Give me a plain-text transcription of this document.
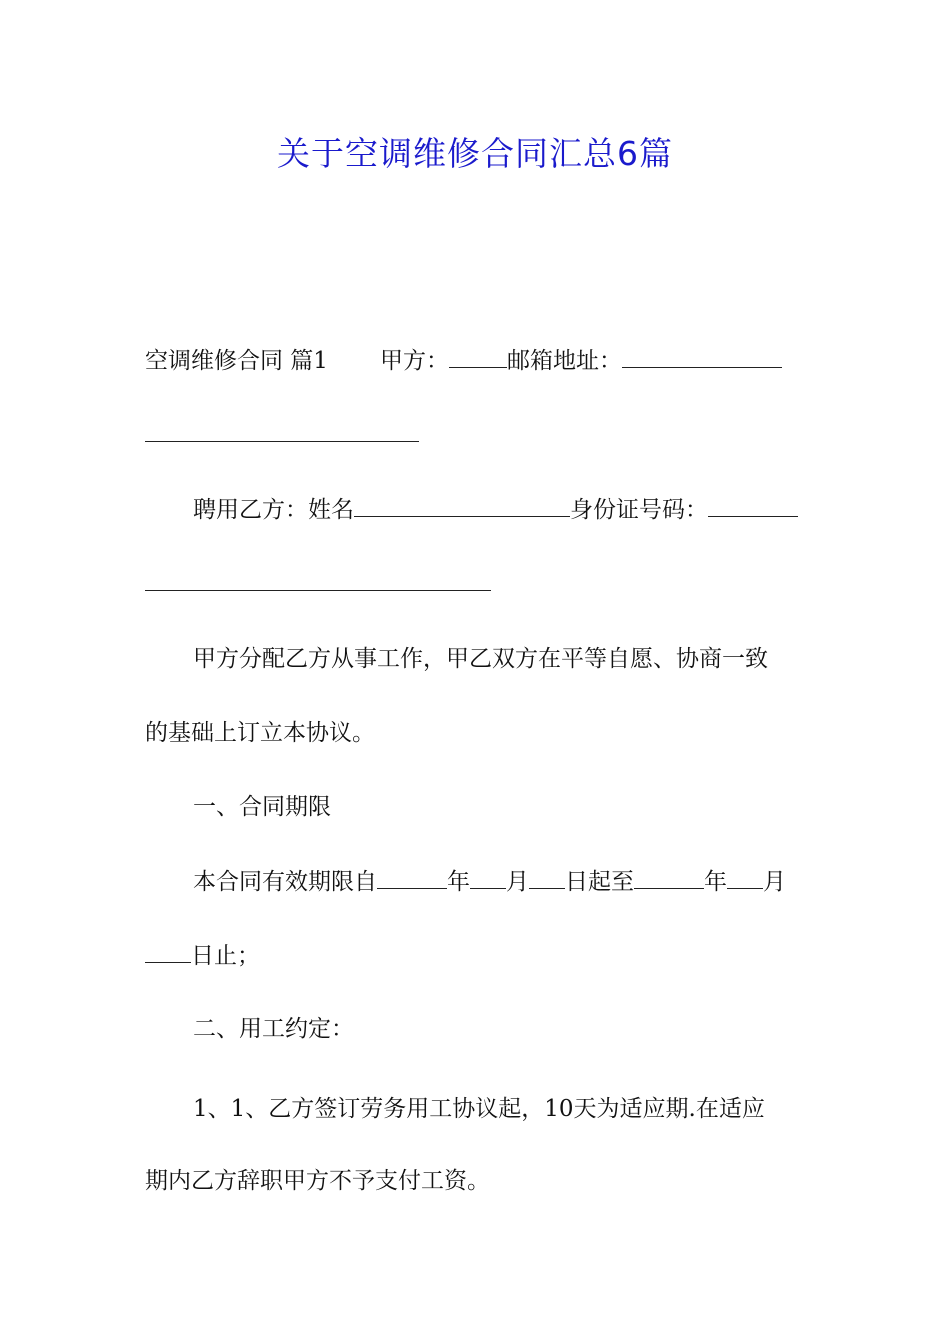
关于空调维修合同汇总6篇
空调维修合同 篇1 甲方：	邮箱地址：
聘用乙方：姓名	身份证号码：
甲方分配乙方从事工作，甲乙双方在平等自愿、协商一致
的基础上订立本协议。
一、合同期限
本合同有效期限自	年 月 日起至	年 月
日止；
二、用工约定：
1、1、乙方签订劳务用工协议起，10天为适应期.在适应
期内乙方辞职甲方不予支付工资。
